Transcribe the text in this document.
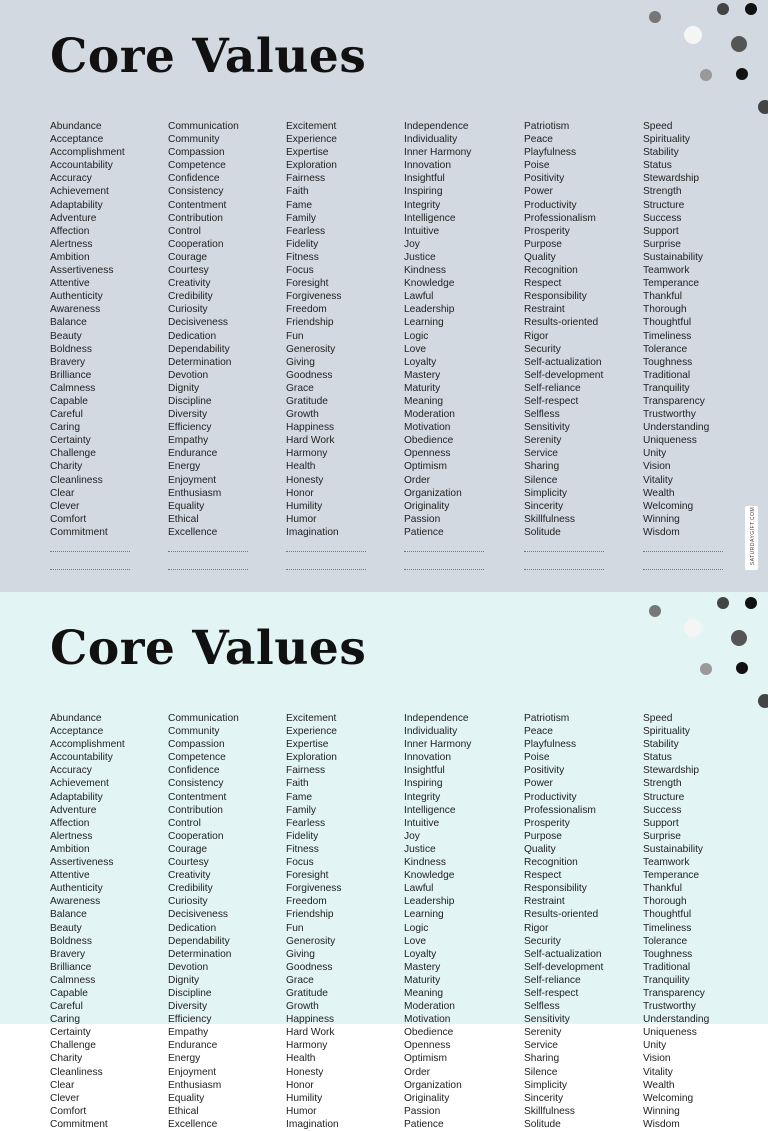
Core Values
Abundance
Acceptance
Accomplishment
Accountability
Accuracy
Achievement
Adaptability
Adventure
Affection
Alertness
Ambition
Assertiveness
Attentive
Authenticity
Awareness
Balance
Beauty
Boldness
Bravery
Brilliance
Calmness
Capable
Careful
Caring
Certainty
Challenge
Charity
Cleanliness
Clear
Clever
Comfort
Commitment
Communication
Community
Compassion
Competence
Confidence
Consistency
Contentment
Contribution
Control
Cooperation
Courage
Courtesy
Creativity
Credibility
Curiosity
Decisiveness
Dedication
Dependability
Determination
Devotion
Dignity
Discipline
Diversity
Efficiency
Empathy
Endurance
Energy
Enjoyment
Enthusiasm
Equality
Ethical
Excellence
Excitement
Experience
Expertise
Exploration
Fairness
Faith
Fame
Family
Fearless
Fidelity
Fitness
Focus
Foresight
Forgiveness
Freedom
Friendship
Fun
Generosity
Giving
Goodness
Grace
Gratitude
Growth
Happiness
Hard Work
Harmony
Health
Honesty
Honor
Humility
Humor
Imagination
Independence
Individuality
Inner Harmony
Innovation
Insightful
Inspiring
Integrity
Intelligence
Intuitive
Joy
Justice
Kindness
Knowledge
Lawful
Leadership
Learning
Logic
Love
Loyalty
Mastery
Maturity
Meaning
Moderation
Motivation
Obedience
Openness
Optimism
Order
Organization
Originality
Passion
Patience
Patriotism
Peace
Playfulness
Poise
Positivity
Power
Productivity
Professionalism
Prosperity
Purpose
Quality
Recognition
Respect
Responsibility
Restraint
Results-oriented
Rigor
Security
Self-actualization
Self-development
Self-reliance
Self-respect
Selfless
Sensitivity
Serenity
Service
Sharing
Silence
Simplicity
Sincerity
Skillfulness
Solitude
Speed
Spirituality
Stability
Status
Stewardship
Strength
Structure
Success
Support
Surprise
Sustainability
Teamwork
Temperance
Thankful
Thorough
Thoughtful
Timeliness
Tolerance
Toughness
Traditional
Tranquility
Transparency
Trustworthy
Understanding
Uniqueness
Unity
Vision
Vitality
Wealth
Welcoming
Winning
Wisdom	SATURDAYGIFT.COM
Core Values
Abundance
Acceptance
Accomplishment
Accountability
Accuracy
Achievement
Adaptability
Adventure
Affection
Alertness
Ambition
Assertiveness
Attentive
Authenticity
Awareness
Balance
Beauty
Boldness
Bravery
Brilliance
Calmness
Capable
Careful
Caring
Certainty
Challenge
Charity
Cleanliness
Clear
Clever
Comfort
Commitment
Communication
Community
Compassion
Competence
Confidence
Consistency
Contentment
Contribution
Control
Cooperation
Courage
Courtesy
Creativity
Credibility
Curiosity
Decisiveness
Dedication
Dependability
Determination
Devotion
Dignity
Discipline
Diversity
Efficiency
Empathy
Endurance
Energy
Enjoyment
Enthusiasm
Equality
Ethical
Excellence
Excitement
Experience
Expertise
Exploration
Fairness
Faith
Fame
Family
Fearless
Fidelity
Fitness
Focus
Foresight
Forgiveness
Freedom
Friendship
Fun
Generosity
Giving
Goodness
Grace
Gratitude
Growth
Happiness
Hard Work
Harmony
Health
Honesty
Honor
Humility
Humor
Imagination
Independence
Individuality
Inner Harmony
Innovation
Insightful
Inspiring
Integrity
Intelligence
Intuitive
Joy
Justice
Kindness
Knowledge
Lawful
Leadership
Learning
Logic
Love
Loyalty
Mastery
Maturity
Meaning
Moderation
Motivation
Obedience
Openness
Optimism
Order
Organization
Originality
Passion
Patience
Patriotism
Peace
Playfulness
Poise
Positivity
Power
Productivity
Professionalism
Prosperity
Purpose
Quality
Recognition
Respect
Responsibility
Restraint
Results-oriented
Rigor
Security
Self-actualization
Self-development
Self-reliance
Self-respect
Selfless
Sensitivity
Serenity
Service
Sharing
Silence
Simplicity
Sincerity
Skillfulness
Solitude
Speed
Spirituality
Stability
Status
Stewardship
Strength
Structure
Success
Support
Surprise
Sustainability
Teamwork
Temperance
Thankful
Thorough
Thoughtful
Timeliness
Tolerance
Toughness
Traditional
Tranquility
Transparency
Trustworthy
Understanding
Uniqueness
Unity
Vision
Vitality
Wealth
Welcoming
Winning
Wisdom
